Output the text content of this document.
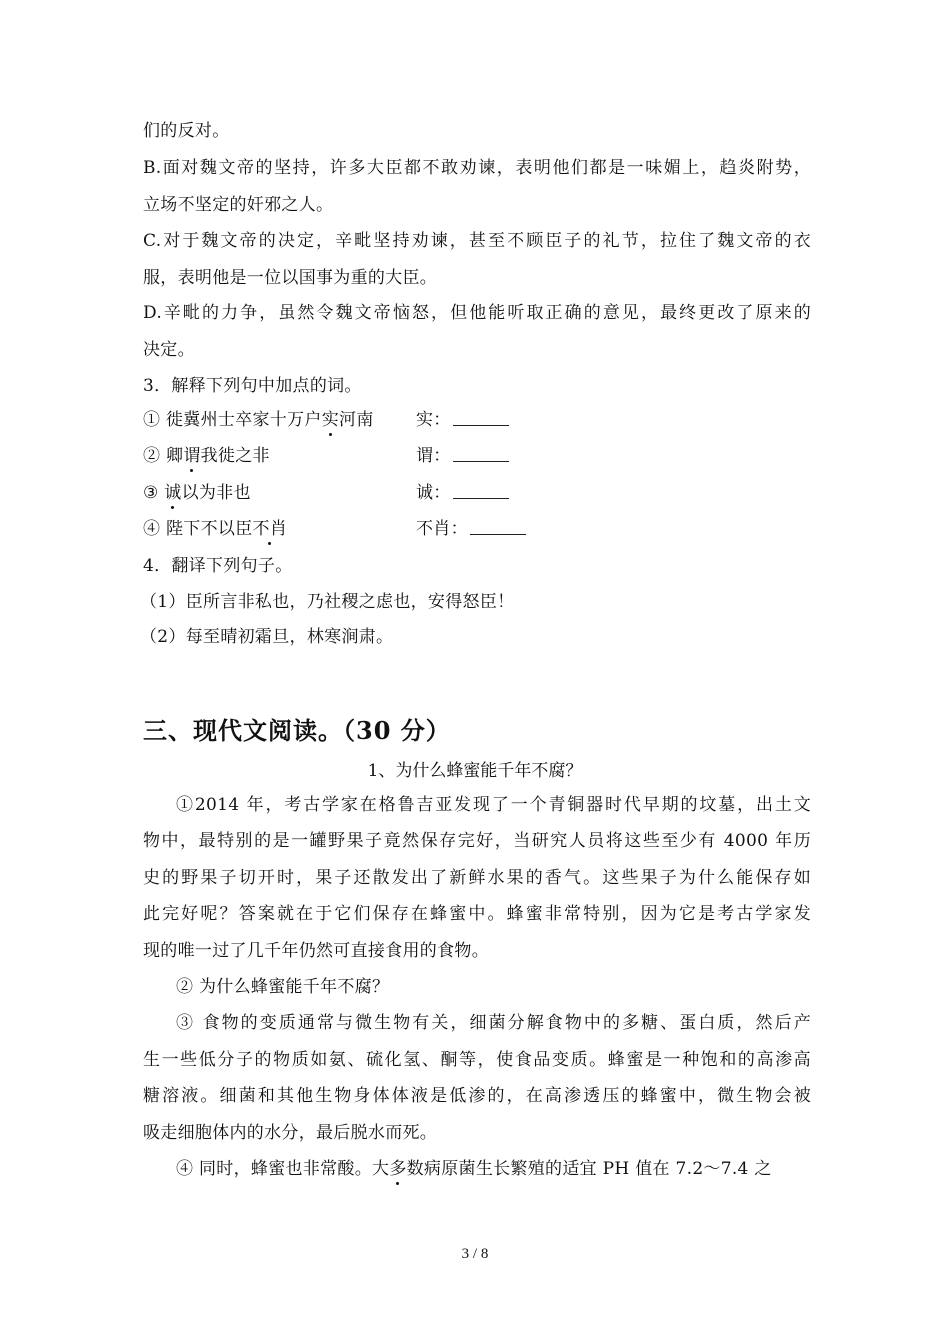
们的反对。
B.面对魏文帝的坚持，许多大臣都不敢劝谏，表明他们都是一味媚上，趋炎附势，
立场不坚定的奸邪之人。
C.对于魏文帝的决定，辛毗坚持劝谏，甚至不顾臣子的礼节，拉住了魏文帝的衣
服，表明他是一位以国事为重的大臣。
D.辛毗的力争，虽然令魏文帝恼怒，但他能听取正确的意见，最终更改了原来的
决定。
3．解释下列句中加点的词。
① 徙冀州士卒家十万户实河南 实：
② 卿谓我徙之非	谓：
③ 诚以为非也	诚：
④ 陛下不以臣不肖	不肖：
4．翻译下列句子。
（1）臣所言非私也，乃社稷之虑也，安得怒臣！
（2）每至晴初霜旦，林寒涧肃。
三、现代文阅读。（30 分）
1、为什么蜂蜜能千年不腐？
①2014 年，考古学家在格鲁吉亚发现了一个青铜器时代早期的坟墓，出土文
物中，最特别的是一罐野果子竟然保存完好，当研究人员将这些至少有 4000 年历
史的野果子切开时，果子还散发出了新鲜水果的香气。这些果子为什么能保存如
此完好呢？答案就在于它们保存在蜂蜜中。蜂蜜非常特别，因为它是考古学家发
现的唯一过了几千年仍然可直接食用的食物。
② 为什么蜂蜜能千年不腐？
③ 食物的变质通常与微生物有关，细菌分解食物中的多糖、蛋白质，然后产
生一些低分子的物质如氨、硫化氢、酮等，使食品变质。蜂蜜是一种饱和的高渗高
糖溶液。细菌和其他生物身体体液是低渗的，在高渗透压的蜂蜜中，微生物会被
吸走细胞体内的水分，最后脱水而死。
④ 同时，蜂蜜也非常酸。大多数病原菌生长繁殖的适宜 PH 值在 7.2～7.4 之
3 / 8
